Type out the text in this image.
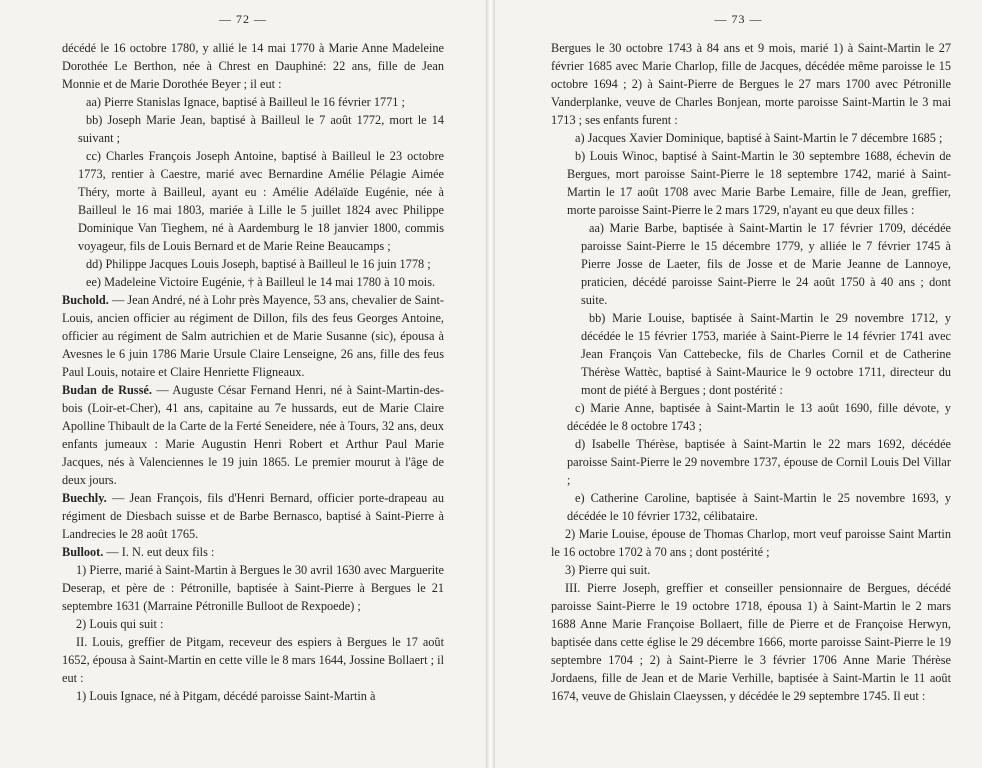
— 72 —

décédé le 16 octobre 1780, y allié le 14 mai 1770 à Marie Anne Madeleine Dorothée Le Berthon, née à Chrest en Dauphiné: 22 ans, fille de Jean Monnie et de Marie Dorothée Beyer ; il eut :

aa) Pierre Stanislas Ignace, baptisé à Bailleul le 16 février 1771 ;

bb) Joseph Marie Jean, baptisé à Bailleul le 7 août 1772, mort le 14 suivant ;

cc) Charles François Joseph Antoine, baptisé à Bailleul le 23 octobre 1773, rentier à Caestre, marié avec Bernardine Amélie Pélagie Aimée Théry, morte à Bailleul, ayant eu : Amélie Adélaïde Eugénie, née à Bailleul le 16 mai 1803, mariée à Lille le 5 juillet 1824 avec Philippe Dominique Van Tieghem, né à Aardemburg le 18 janvier 1800, commis voyageur, fils de Louis Bernard et de Marie Reine Beaucamps ;

dd) Philippe Jacques Louis Joseph, baptisé à Bailleul le 16 juin 1778 ;

ee) Madeleine Victoire Eugénie, † à Bailleul le 14 mai 1780 à 10 mois.

Buchold. — Jean André, né à Lohr près Mayence, 53 ans, chevalier de Saint-Louis, ancien officier au régiment de Dillon, fils des feus Georges Antoine, officier au régiment de Salm autrichien et de Marie Susanne (sic), épousa à Avesnes le 6 juin 1786 Marie Ursule Claire Lenseigne, 26 ans, fille des feus Paul Louis, notaire et Claire Henriette Fligneaux.

Budan de Russé. — Auguste César Fernand Henri, né à Saint-Martin-des-bois (Loir-et-Cher), 41 ans, capitaine au 7e hussards, eut de Marie Claire Apolline Thibault de la Carte de la Ferté Seneidere, née à Tours, 32 ans, deux enfants jumeaux : Marie Augustin Henri Robert et Arthur Paul Marie Jacques, nés à Valenciennes le 19 juin 1865. Le premier mourut à l'âge de deux jours.

Buechly. — Jean François, fils d'Henri Bernard, officier porte-drapeau au régiment de Diesbach suisse et de Barbe Bernasco, baptisé à Saint-Pierre à Landrecies le 28 août 1765.

Bulloot. — I. N. eut deux fils :

1) Pierre, marié à Saint-Martin à Bergues le 30 avril 1630 avec Marguerite Deserap, et père de : Pétronille, baptisée à Saint-Pierre à Bergues le 21 septembre 1631 (Marraine Pétronille Bulloot de Rexpoede) ;

2) Louis qui suit :

II. Louis, greffier de Pitgam, receveur des espiers à Bergues le 17 août 1652, épousa à Saint-Martin en cette ville le 8 mars 1644, Jossine Bollaert ; il eut :

1) Louis Ignace, né à Pitgam, décédé paroisse Saint-Martin à

— 73 —

Bergues le 30 octobre 1743 à 84 ans et 9 mois, marié 1) à Saint-Martin le 27 février 1685 avec Marie Charlop, fille de Jacques, décédée même paroisse le 15 octobre 1694 ; 2) à Saint-Pierre de Bergues le 27 mars 1700 avec Pétronille Vanderplanke, veuve de Charles Bonjean, morte paroisse Saint-Martin le 3 mai 1713 ; ses enfants furent :

a) Jacques Xavier Dominique, baptisé à Saint-Martin le 7 décembre 1685 ;

b) Louis Winoc, baptisé à Saint-Martin le 30 septembre 1688, échevin de Bergues, mort paroisse Saint-Pierre le 18 septembre 1742, marié à Saint-Martin le 17 août 1708 avec Marie Barbe Lemaire, fille de Jean, greffier, morte paroisse Saint-Pierre le 2 mars 1729, n'ayant eu que deux filles :

aa) Marie Barbe, baptisée à Saint-Martin le 17 février 1709, décédée paroisse Saint-Pierre le 15 décembre 1779, y alliée le 7 février 1745 à Pierre Josse de Laeter, fils de Josse et de Marie Jeanne de Lannoye, praticien, décédé paroisse Saint-Pierre le 24 août 1750 à 40 ans ; dont suite.

bb) Marie Louise, baptisée à Saint-Martin le 29 novembre 1712, y décédée le 15 février 1753, mariée à Saint-Pierre le 14 février 1741 avec Jean François Van Cattebecke, fils de Charles Cornil et de Catherine Thérèse Wattèc, baptisé à Saint-Maurice le 9 octobre 1711, directeur du mont de piété à Bergues ; dont postérité :

c) Marie Anne, baptisée à Saint-Martin le 13 août 1690, fille dévote, y décédée le 8 octobre 1743 ;

d) Isabelle Thérèse, baptisée à Saint-Martin le 22 mars 1692, décédée paroisse Saint-Pierre le 29 novembre 1737, épouse de Cornil Louis Del Villar ;

e) Catherine Caroline, baptisée à Saint-Martin le 25 novembre 1693, y décédée le 10 février 1732, célibataire.

2) Marie Louise, épouse de Thomas Charlop, mort veuf paroisse Saint Martin le 16 octobre 1702 à 70 ans ; dont postérité ;

3) Pierre qui suit.

III. Pierre Joseph, greffier et conseiller pensionnaire de Bergues, décédé paroisse Saint-Pierre le 19 octobre 1718, épousa 1) à Saint-Martin le 2 mars 1688 Anne Marie Françoise Bollaert, fille de Pierre et de Françoise Herwyn, baptisée dans cette église le 29 décembre 1666, morte paroisse Saint-Pierre le 19 septembre 1704 ; 2) à Saint-Pierre le 3 février 1706 Anne Marie Thérèse Jordaens, fille de Jean et de Marie Verhille, baptisée à Saint-Martin le 11 août 1674, veuve de Ghislain Claeyssen, y décédée le 29 septembre 1745. Il eut :
